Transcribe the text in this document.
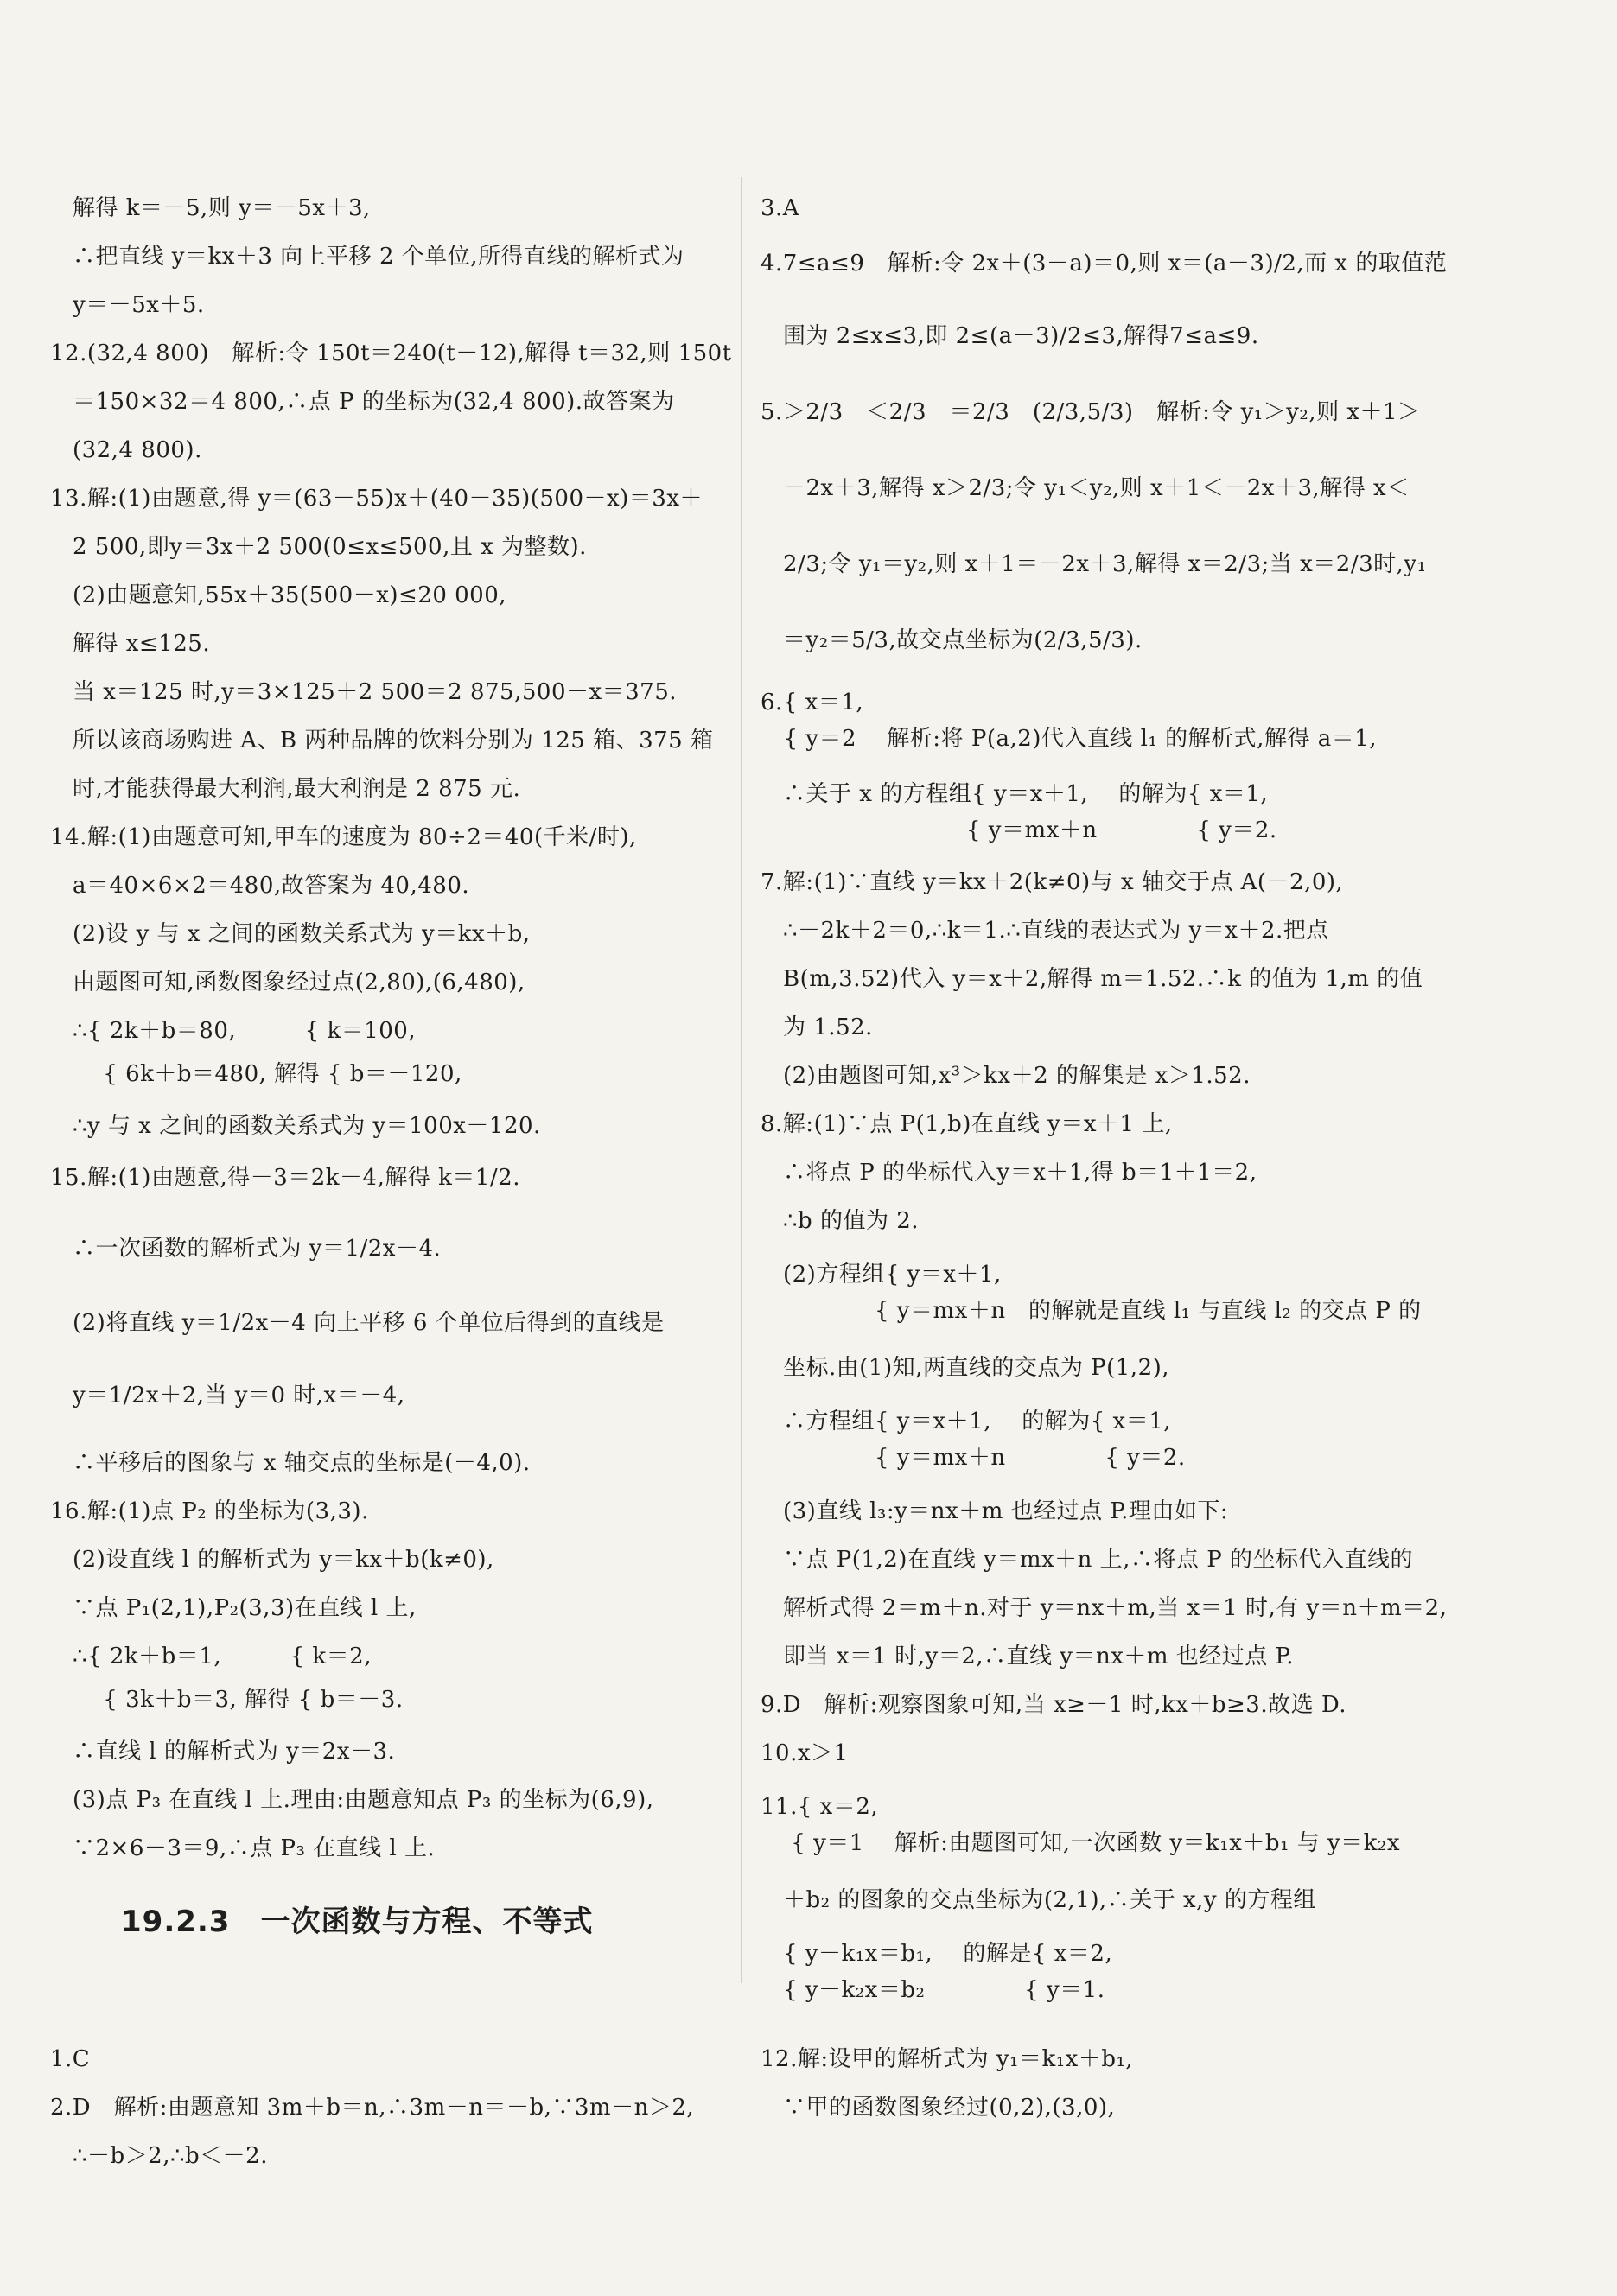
解得 k＝－5,则 y＝－5x＋3,
∴把直线 y＝kx＋3 向上平移 2 个单位,所得直线的解析式为
y＝－5x＋5.
12.(32,4 800)　解析:令 150t＝240(t－12),解得 t＝32,则 150t
＝150×32＝4 800,∴点 P 的坐标为(32,4 800).故答案为
(32,4 800).
13.解:(1)由题意,得 y＝(63－55)x＋(40－35)(500－x)＝3x＋
2 500,即y＝3x＋2 500(0≤x≤500,且 x 为整数).
(2)由题意知,55x＋35(500－x)≤20 000,
解得 x≤125.
当 x＝125 时,y＝3×125＋2 500＝2 875,500－x＝375.
所以该商场购进 A、B 两种品牌的饮料分别为 125 箱、375 箱
时,才能获得最大利润,最大利润是 2 875 元.
14.解:(1)由题意可知,甲车的速度为 80÷2＝40(千米/时),
a＝40×6×2＝480,故答案为 40,480.
(2)设 y 与 x 之间的函数关系式为 y＝kx＋b,
由题图可知,函数图象经过点(2,80),(6,480),
∴{ 2k＋b＝80,　　　{ k＝100,
　 { 6k＋b＝480, 解得 { b＝－120,
∴y 与 x 之间的函数关系式为 y＝100x－120.
15.解:(1)由题意,得－3＝2k－4,解得 k＝1/2.
∴一次函数的解析式为 y＝1/2x－4.
(2)将直线 y＝1/2x－4 向上平移 6 个单位后得到的直线是
y＝1/2x＋2,当 y＝0 时,x＝－4,
∴平移后的图象与 x 轴交点的坐标是(－4,0).
16.解:(1)点 P₂ 的坐标为(3,3).
(2)设直线 l 的解析式为 y＝kx＋b(k≠0),
∵点 P₁(2,1),P₂(3,3)在直线 l 上,
∴{ 2k＋b＝1,　　　{ k＝2,
　 { 3k＋b＝3, 解得 { b＝－3.
∴直线 l 的解析式为 y＝2x－3.
(3)点 P₃ 在直线 l 上.理由:由题意知点 P₃ 的坐标为(6,9),
∵2×6－3＝9,∴点 P₃ 在直线 l 上.
1.C
2.D　解析:由题意知 3m＋b＝n,∴3m－n＝－b,∵3m－n＞2,
∴－b＞2,∴b＜－2.
3.A
4.7≤a≤9　解析:令 2x＋(3－a)＝0,则 x＝(a－3)/2,而 x 的取值范
围为 2≤x≤3,即 2≤(a－3)/2≤3,解得7≤a≤9.
5.＞2/3　＜2/3　＝2/3　(2/3,5/3)　解析:令 y₁＞y₂,则 x＋1＞
－2x＋3,解得 x＞2/3;令 y₁＜y₂,则 x＋1＜－2x＋3,解得 x＜
2/3;令 y₁＝y₂,则 x＋1＝－2x＋3,解得 x＝2/3;当 x＝2/3时,y₁
＝y₂＝5/3,故交点坐标为(2/3,5/3).
6.{ x＝1,
　{ y＝2　 解析:将 P(a,2)代入直线 l₁ 的解析式,解得 a＝1,
∴关于 x 的方程组{ y＝x＋1,　 的解为{ x＝1,
　　　　　　　　{ y＝mx＋n　　　　 { y＝2.
7.解:(1)∵直线 y＝kx＋2(k≠0)与 x 轴交于点 A(－2,0),
∴－2k＋2＝0,∴k＝1.∴直线的表达式为 y＝x＋2.把点
B(m,3.52)代入 y＝x＋2,解得 m＝1.52.∴k 的值为 1,m 的值
为 1.52.
(2)由题图可知,x³＞kx＋2 的解集是 x＞1.52.
8.解:(1)∵点 P(1,b)在直线 y＝x＋1 上,
∴将点 P 的坐标代入y＝x＋1,得 b＝1＋1＝2,
∴b 的值为 2.
(2)方程组{ y＝x＋1,
　　　　{ y＝mx＋n　的解就是直线 l₁ 与直线 l₂ 的交点 P 的
坐标.由(1)知,两直线的交点为 P(1,2),
∴方程组{ y＝x＋1,　 的解为{ x＝1,
　　　　{ y＝mx＋n　　　　 { y＝2.
(3)直线 l₃:y＝nx＋m 也经过点 P.理由如下:
∵点 P(1,2)在直线 y＝mx＋n 上,∴将点 P 的坐标代入直线的
解析式得 2＝m＋n.对于 y＝nx＋m,当 x＝1 时,有 y＝n＋m＝2,
即当 x＝1 时,y＝2,∴直线 y＝nx＋m 也经过点 P.
9.D　解析:观察图象可知,当 x≥－1 时,kx＋b≥3.故选 D.
10.x＞1
11.{ x＝2,
　 { y＝1　 解析:由题图可知,一次函数 y＝k₁x＋b₁ 与 y＝k₂x
＋b₂ 的图象的交点坐标为(2,1),∴关于 x,y 的方程组
{ y－k₁x＝b₁,　 的解是{ x＝2,
{ y－k₂x＝b₂　　　　 { y＝1.
12.解:设甲的解析式为 y₁＝k₁x＋b₁,
∵甲的函数图象经过(0,2),(3,0),
19.2.3　一次函数与方程、不等式
